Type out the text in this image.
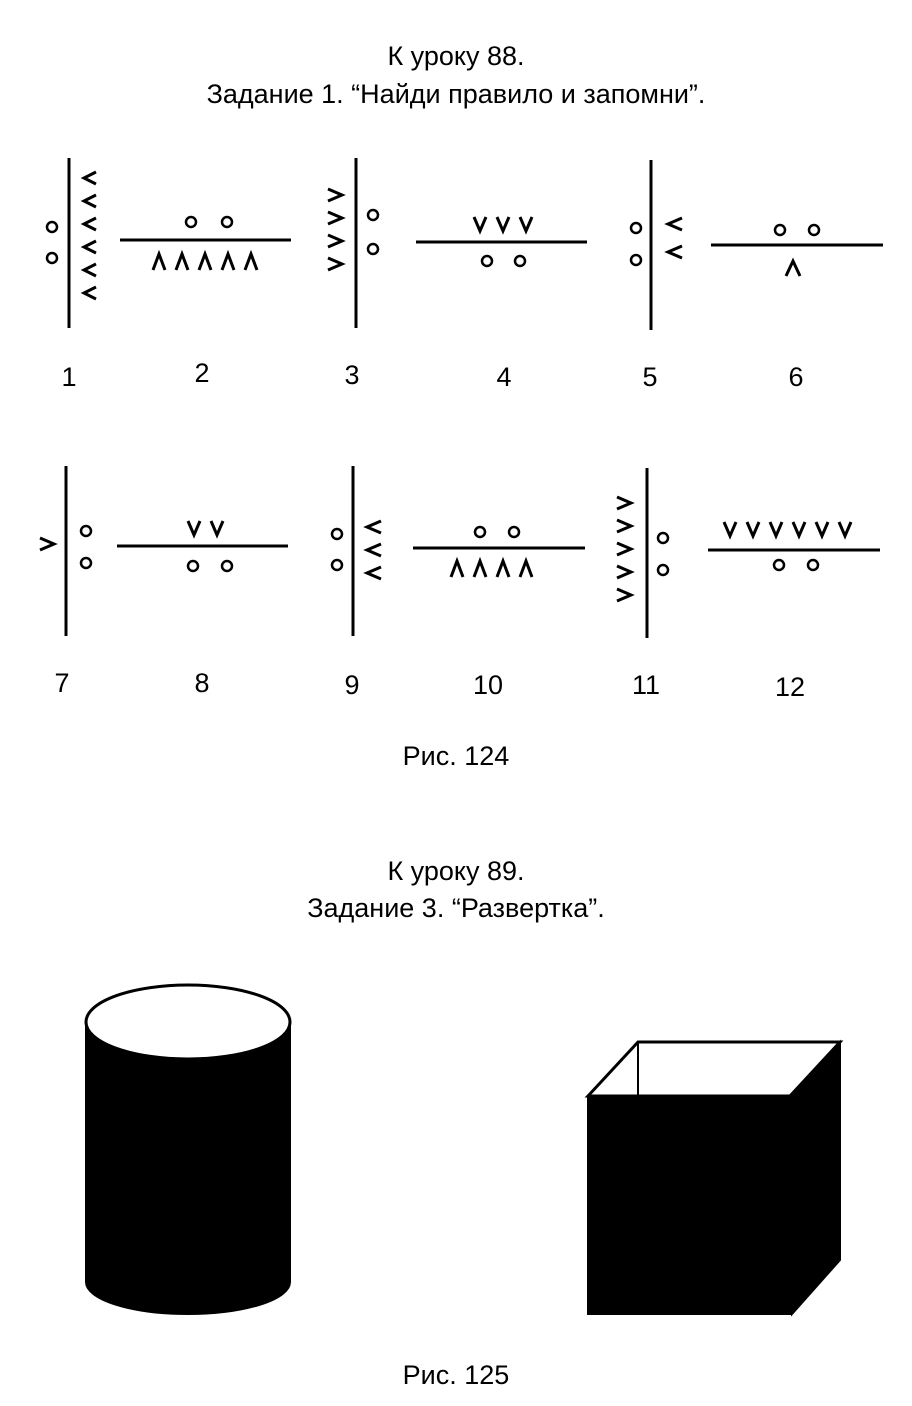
К уроку 88.
Задание 1. “Найди правило и запомни”.
1	2	3	4	5	6
7	8	9	10	11	12
Рис. 124
К уроку 89.
Задание 3. “Развертка”.
Рис. 125
